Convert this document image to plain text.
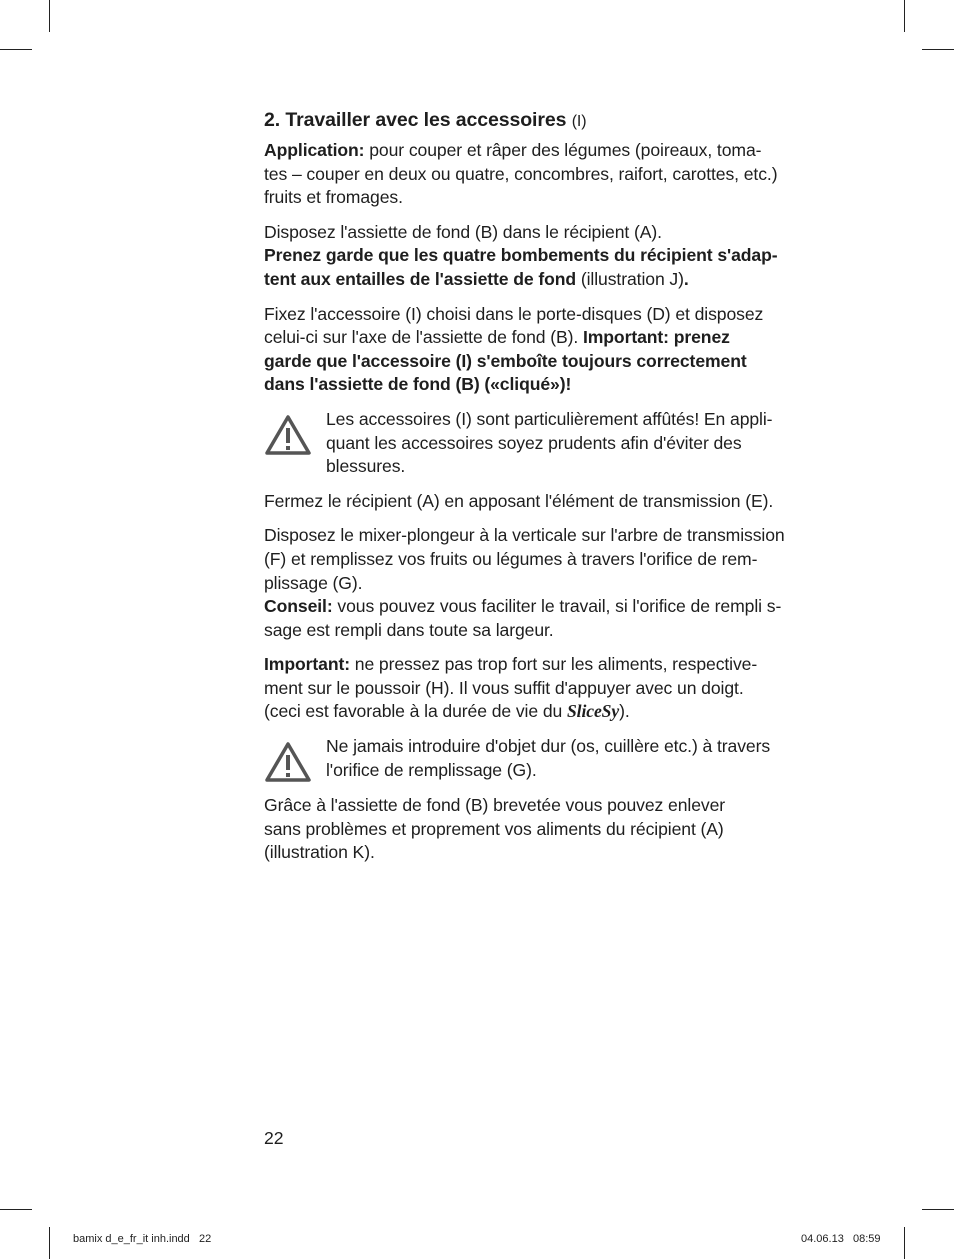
2. Travailler avec les accessoires (I)

Application: pour couper et râper des légumes (poireaux, toma-
tes – couper en deux ou quatre, concombres, raifort, carottes, etc.)
fruits et fromages.

Disposez l'assiette de fond (B) dans le récipient (A).
Prenez garde que les quatre bombements du récipient s'adap-
tent aux entailles de l'assiette de fond (illustration J).

Fixez l'accessoire (I) choisi dans le porte-disques (D) et disposez
celui-ci sur l'axe de l'assiette de fond (B). Important: prenez
garde que l'accessoire (I) s'emboîte toujours correctement
dans l'assiette de fond (B) («cliqué»)!

Les accessoires (I) sont particulièrement affûtés! En appli-
quant les accessoires soyez prudents afin d'éviter des
blessures.

Fermez le récipient (A) en apposant l'élément de transmission (E).

Disposez le mixer-plongeur à la verticale sur l'arbre de transmission
(F) et remplissez vos fruits ou légumes à travers l'orifice de rem-
plissage (G).
Conseil: vous pouvez vous faciliter le travail, si l'orifice de rempli s-
sage est rempli dans toute sa largeur.

Important: ne pressez pas trop fort sur les aliments, respective-
ment sur le poussoir (H). Il vous suffit d'appuyer avec un doigt.
(ceci est favorable à la durée de vie du SliceSy).

Ne jamais introduire d'objet dur (os, cuillère etc.) à travers
l'orifice de remplissage (G).

Grâce à l'assiette de fond (B) brevetée vous pouvez enlever
sans problèmes et proprement vos aliments du récipient (A)
(illustration K).

22
bamix d_e_fr_it inh.indd   22	04.06.13   08:59
